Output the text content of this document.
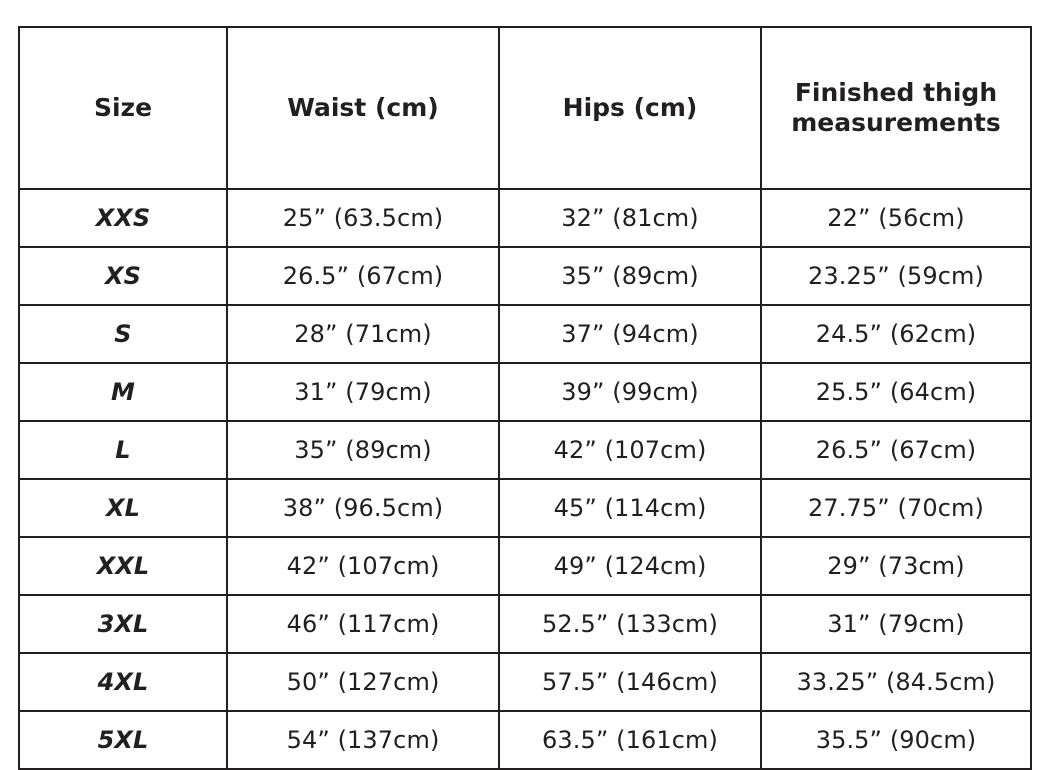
Size	Waist (cm)	Hips (cm)	Finished thigh measurements
XXS	25” (63.5cm)	32” (81cm)	22” (56cm)
XS	26.5” (67cm)	35” (89cm)	23.25” (59cm)
S	28” (71cm)	37” (94cm)	24.5” (62cm)
M	31” (79cm)	39” (99cm)	25.5” (64cm)
L	35” (89cm)	42” (107cm)	26.5” (67cm)
XL	38” (96.5cm)	45” (114cm)	27.75” (70cm)
XXL	42” (107cm)	49” (124cm)	29” (73cm)
3XL	46” (117cm)	52.5” (133cm)	31” (79cm)
4XL	50” (127cm)	57.5” (146cm)	33.25” (84.5cm)
5XL	54” (137cm)	63.5” (161cm)	35.5” (90cm)
